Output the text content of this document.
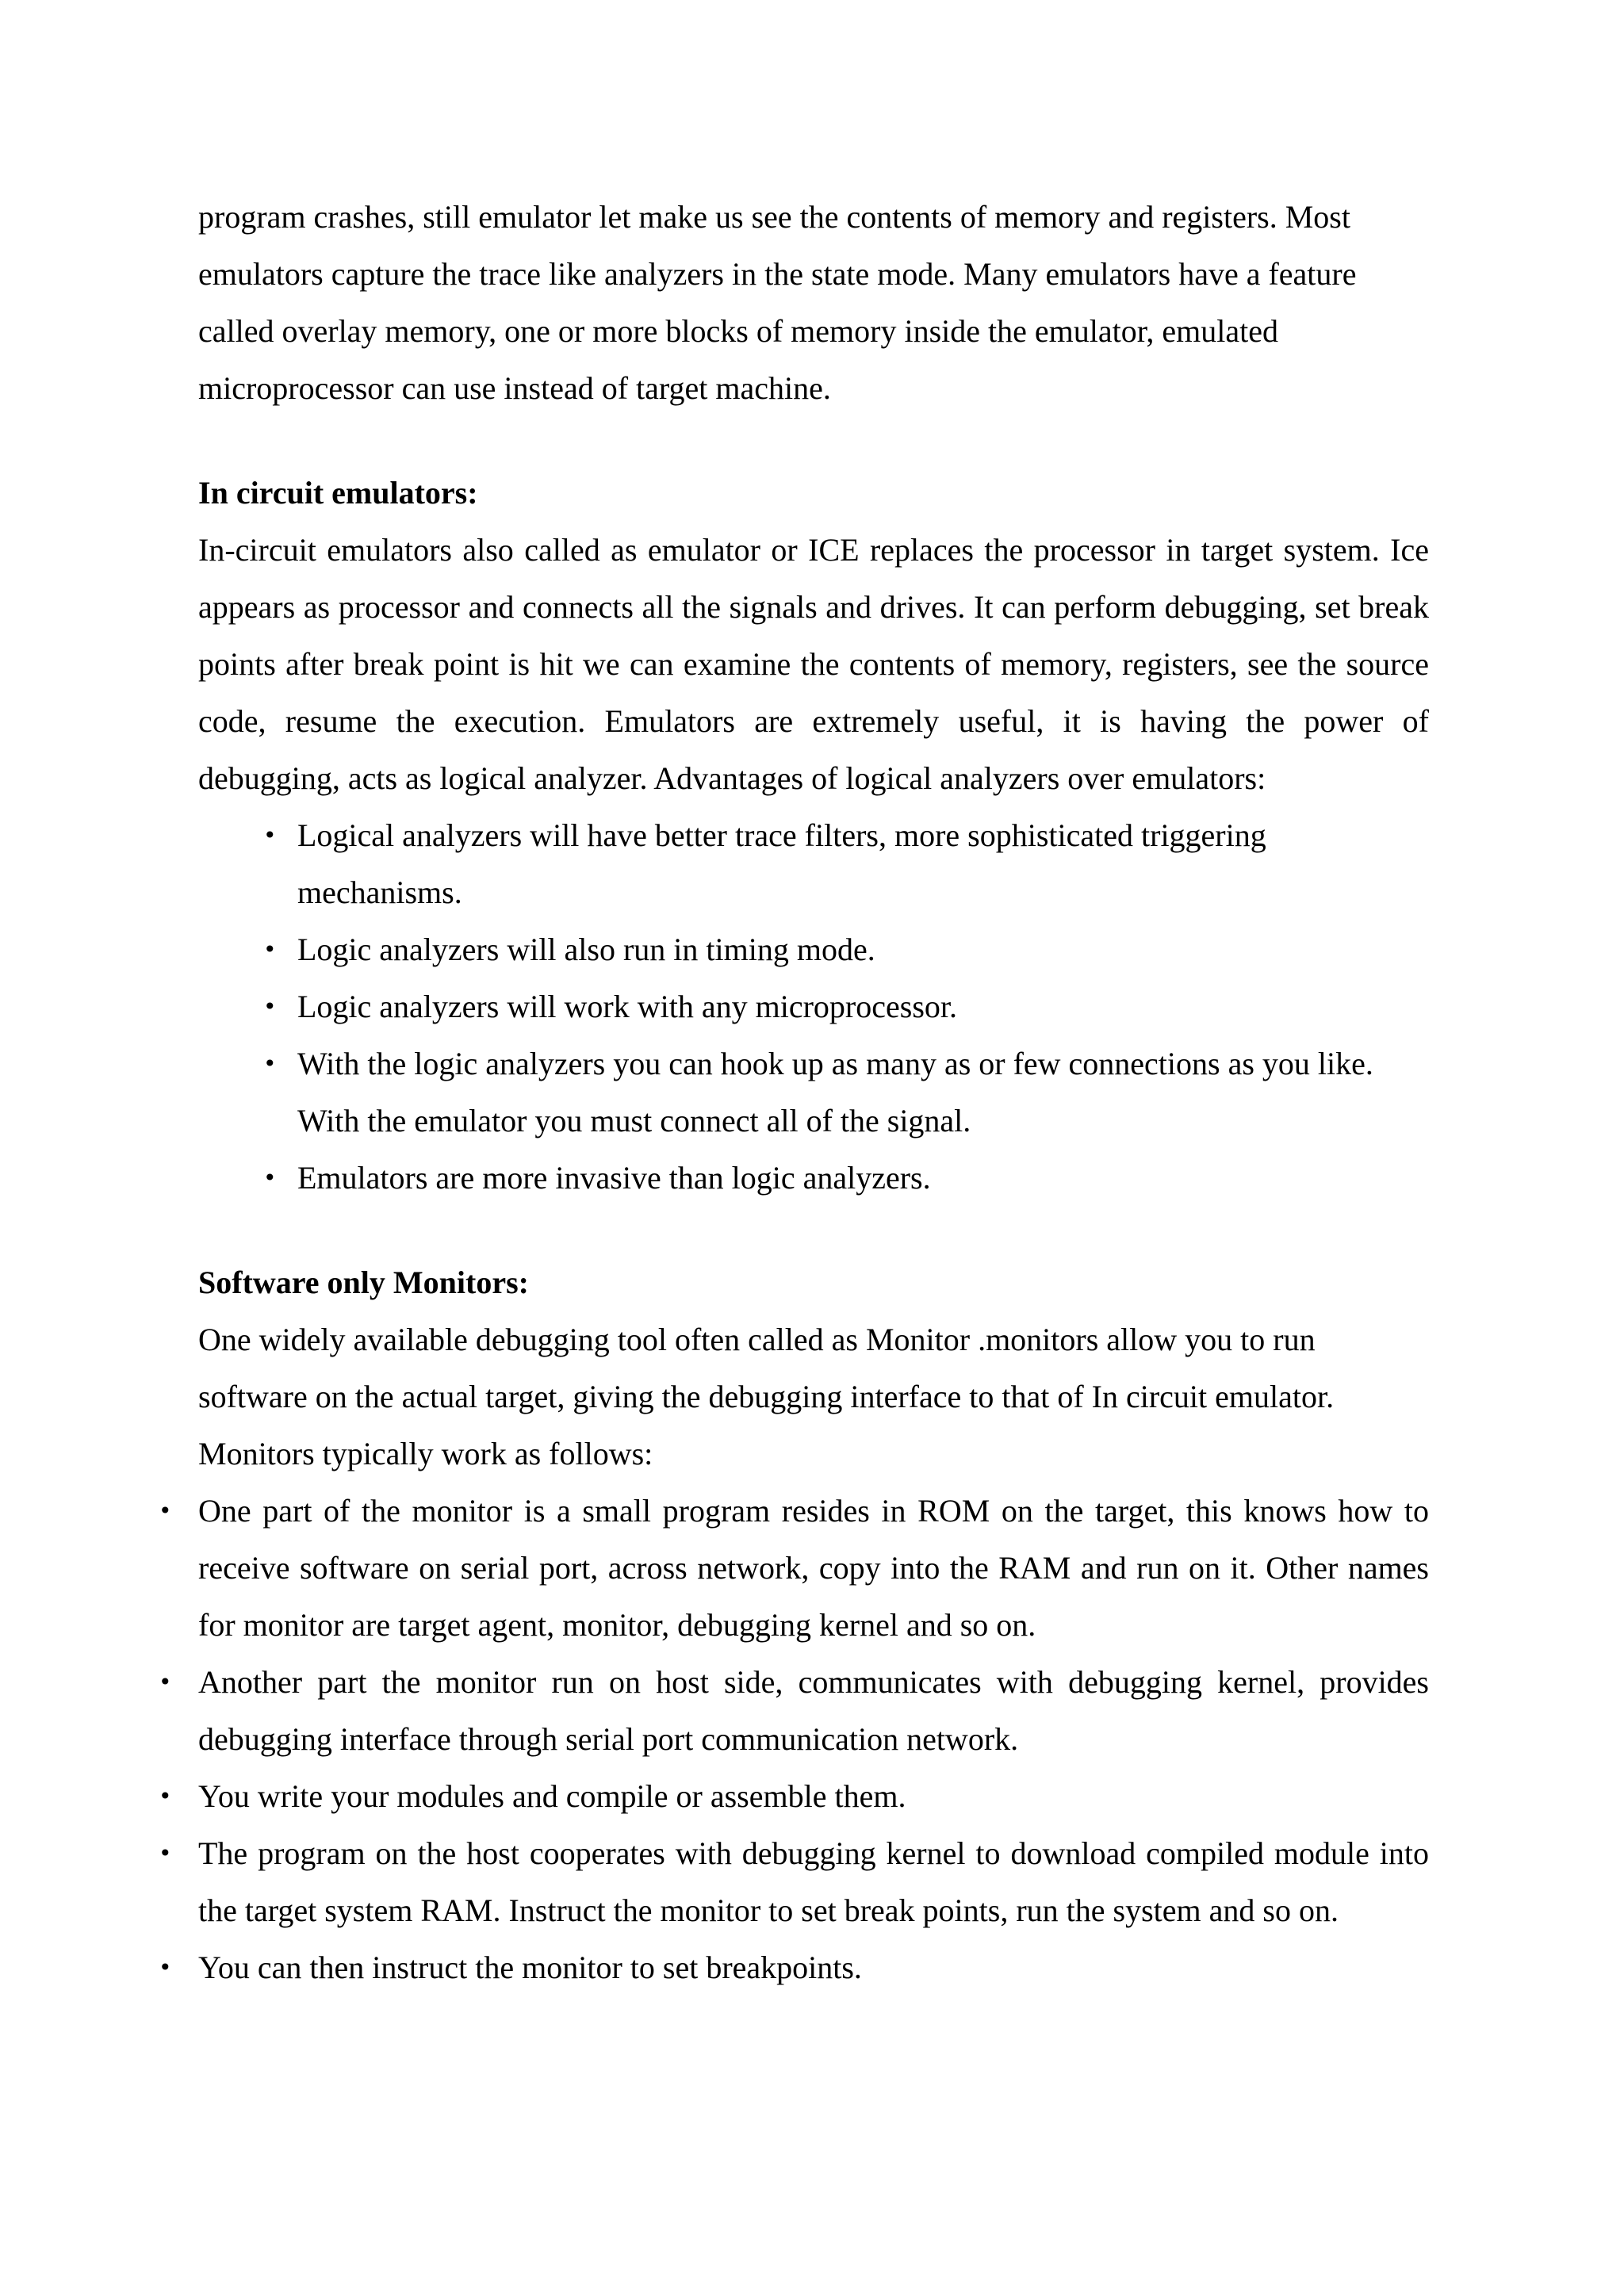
program crashes, still emulator let make us see the contents of memory and registers. Most emulators capture the trace like analyzers in the state mode. Many emulators have a feature called overlay memory, one or more blocks of memory inside the emulator, emulated microprocessor can use instead of target machine.

In circuit emulators:

In-circuit emulators also called as emulator or ICE replaces the processor in target system. Ice appears as processor and connects all the signals and drives. It can perform debugging, set break points after break point is hit we can examine the contents of memory, registers, see the source code, resume the execution. Emulators are extremely useful, it is having the power of debugging, acts as logical analyzer. Advantages of logical analyzers over emulators:

• Logical analyzers will have better trace filters, more sophisticated triggering mechanisms.
• Logic analyzers will also run in timing mode.
• Logic analyzers will work with any microprocessor.
• With the logic analyzers you can hook up as many as or few connections as you like. With the emulator you must connect all of the signal.
• Emulators are more invasive than logic analyzers.

Software only Monitors:

One widely available debugging tool often called as Monitor .monitors allow you to run software on the actual target, giving the debugging interface to that of In circuit emulator. Monitors typically work as follows:

• One part of the monitor is a small program resides in ROM on the target, this knows how to receive software on serial port, across network, copy into the RAM and run on it. Other names for monitor are target agent, monitor, debugging kernel and so on.
• Another part the monitor run on host side, communicates with debugging kernel, provides debugging interface through serial port communication network.
• You write your modules and compile or assemble them.
• The program on the host cooperates with debugging kernel to download compiled module into the target system RAM. Instruct the monitor to set break points, run the system and so on.
• You can then instruct the monitor to set breakpoints.
